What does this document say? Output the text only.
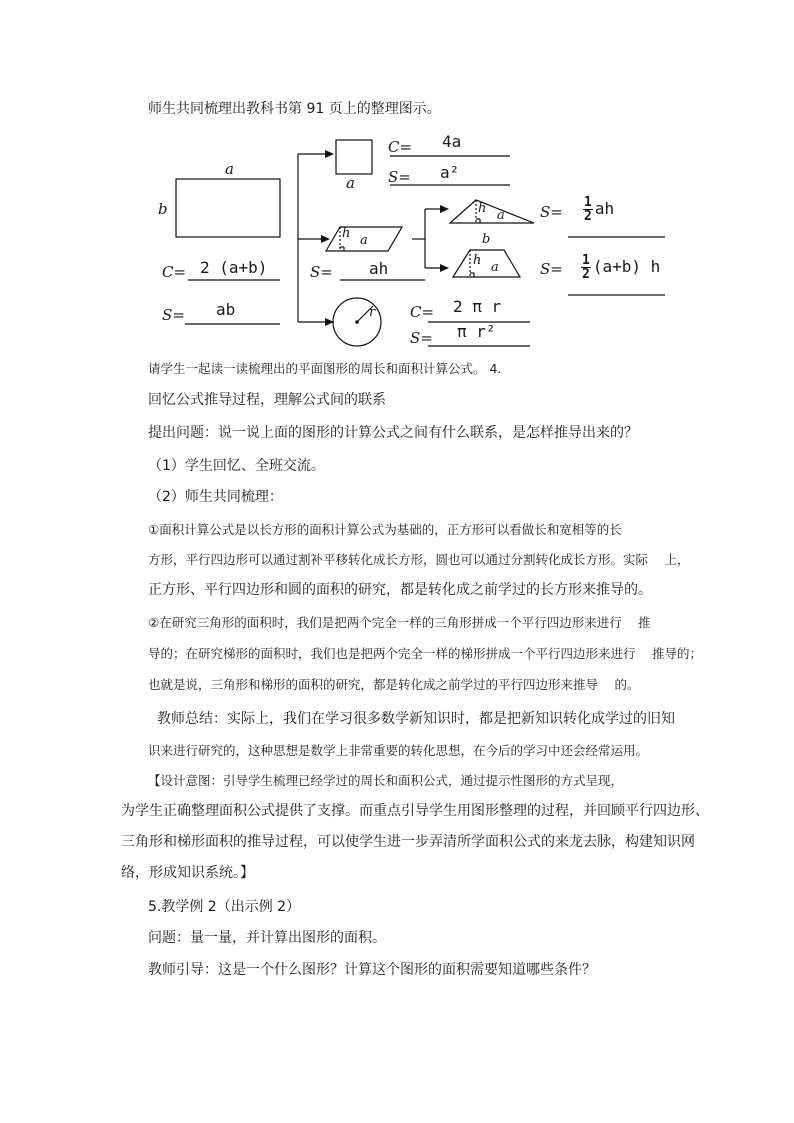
师生共同梳理出教科书第 91 页上的整理图示。
a
b
C= 2 (a+b)
S= ab
a
C= 4a
S= a²
h a
S= ah
h a $S= \frac{1}{2}$ ah
b
h a	$S= \frac{1}{2} (a+b)$ h
r C= 2 π r
S= π r²
请学生一起读一读梳理出的平面图形的周长和面积计算公式。 4.
回忆公式推导过程，理解公式间的联系
提出问题：说一说上面的图形的计算公式之间有什么联系，是怎样推导出来的？
（1）学生回忆、全班交流。
（2）师生共同梳理：
①面积计算公式是以长方形的面积计算公式为基础的，正方形可以看做长和宽相等的长
方形，平行四边形可以通过割补平移转化成长方形，圆也可以通过分割转化成长方形。实际　 上，
正方形、平行四边形和圆的面积的研究，都是转化成之前学过的长方形来推导的。
②在研究三角形的面积时，我们是把两个完全一样的三角形拼成一个平行四边形来进行　 推
导的；在研究梯形的面积时，我们也是把两个完全一样的梯形拼成一个平行四边形来进行　 推导的；
也就是说，三角形和梯形的面积的研究，都是转化成之前学过的平行四边形来推导　 的。
教师总结：实际上，我们在学习很多数学新知识时，都是把新知识转化成学过的旧知
识来进行研究的，这种思想是数学上非常重要的转化思想，在今后的学习中还会经常运用。
【设计意图：引导学生梳理已经学过的周长和面积公式，通过提示性图形的方式呈现，
为学生正确整理面积公式提供了支撑。而重点引导学生用图形整理的过程，并回顾平行四边形、
三角形和梯形面积的推导过程，可以使学生进一步弄清所学面积公式的来龙去脉，构建知识网
络，形成知识系统。】
5.教学例 2（出示例 2）
问题：量一量，并计算出图形的面积。
教师引导：这是一个什么图形？计算这个图形的面积需要知道哪些条件？
